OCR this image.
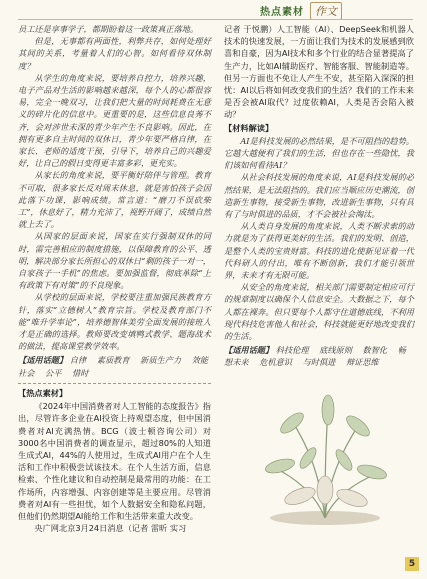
热点素材	作文

员工还是享事学子，都期盼着这一政策真正落地。

但是，无事都有两面性，利弊共存，如何处理好其间的关系，考量着人们的心智。如何看待双休制度？

从学生的角度来说，要培养自控力，培养兴趣，电子产品对生活的影响越来越深，每个人的心都很容易，完全一晚双习，让我们把大量的时间耗费在无意义的碎片化的信息中。更重要的是，这些信息良莠不齐，会对涉世未深的青少年产生不良影响。因此，在拥有更多自主时间的双休日，青少年要严格自律，在家长、老师的适度干预，引导下，培养自己的兴趣爱好，让自己的假日变得更丰富多彩，更充实。

从家长的角度来说，要平衡好陪伴与管理。教育不可取，很多家长反对周末休息，就是害怕孩子会因此落下功课，影响成绩。常言道：“磨刀不误砍柴工”，休息好了，精力充沛了，视野开阔了，成绩自然就上去了。

从国家的层面来说，国家在实行强制双休的同时，需完善相应的制度措施，以保障教育的公平、透明，解决部分家长所担心的双休日“剩的孩子一对一，自家孩子一手机”的焦虑。要加强监督，彻底革除“上有政策下有对策”的不良现象。

从学校的层面来说，学校要注重加强民族教育方针，落实“立德树人”教育宗旨。学校及教育部门不能“唯升学率论”，培养德智体美劳全面发展的接班人才是正确的选择。教师要改变填鸭式教学、题海战术的做法，提高课堂教学效率。

【适用话题】 自律 素质教育 新质生产力 效能社会 公平 惜时
【热点素材】

《2024年中国消费者对人工智能的态度报告》指出，尽管许多企业在AI投资上持观望态度，但中国消费者对AI充满热情。BCG（波士顿咨询公司）对3000名中国消费者的调查显示，超过80%的人知道生成式AI，44%的人使用过，生成式AI用户在个人生活和工作中积极尝试该技术。在个人生活方面，信息检索、个性化建议和自动控制是最常用的功能：在工作场所，内容增强、内容创建等是主要应用。尽管消费者对AI有一些担忧，如个人数据安全和隐私问题，但他们仍然期望AI能给工作和生活带来重大改变。

央广网北京3月24日消息（记者 雷昕 实习

记者 于悦鹏）人工智能（AI）、DeepSeek和机器人技术的快速发展，一方面让我们为技术的发展感到欣喜和自豪，因为AI技术和多个行业的结合显著提高了生产力，比如AI辅助医疗、智能客服、智能制造等。但另一方面也不免让人产生不安，甚至陷入深深的担忧：AI以后将如何改变我们的生活？我们的工作未来是否会被AI取代？过度依赖AI，人类是否会陷入被动？

【材料解读】

AI是科技发展的必然结果，是不可阻挡的趋势。它越大越便利了我们的生活，但也存在一些隐忧，我们该如何看待AI？

从社会科技发展的角度来说，AI是科技发展的必然结果，是无法阻挡的。我们应当顺应历史潮流，创造新生事物，接受新生事物，改进新生事物，只有具有了与时俱进的品质，才不会被社会淘汰。

从人类自身发展的角度来说，人类不断求索的动力就是为了获得更美好的生活。我们的发明、创造，是整个人类的宝贵财富。科技的进化使新见证着一代代科研人的付出，唯有不断创新，我们才能引领世界，未来才有无限可能。

从安全的角度来说，相关部门需要制定相应可行的规章制度以确保个人信息安全。大数据之下，每个人都在裸奔。但只要每个人都守住道德底线，不利用现代科技危害他人和社会，科技就能更好地改变我们的生活。

【适用话题】 科技伦理 底线原则 数智化 畅想未来 危机意识 与时俱进 辩证思维
5
